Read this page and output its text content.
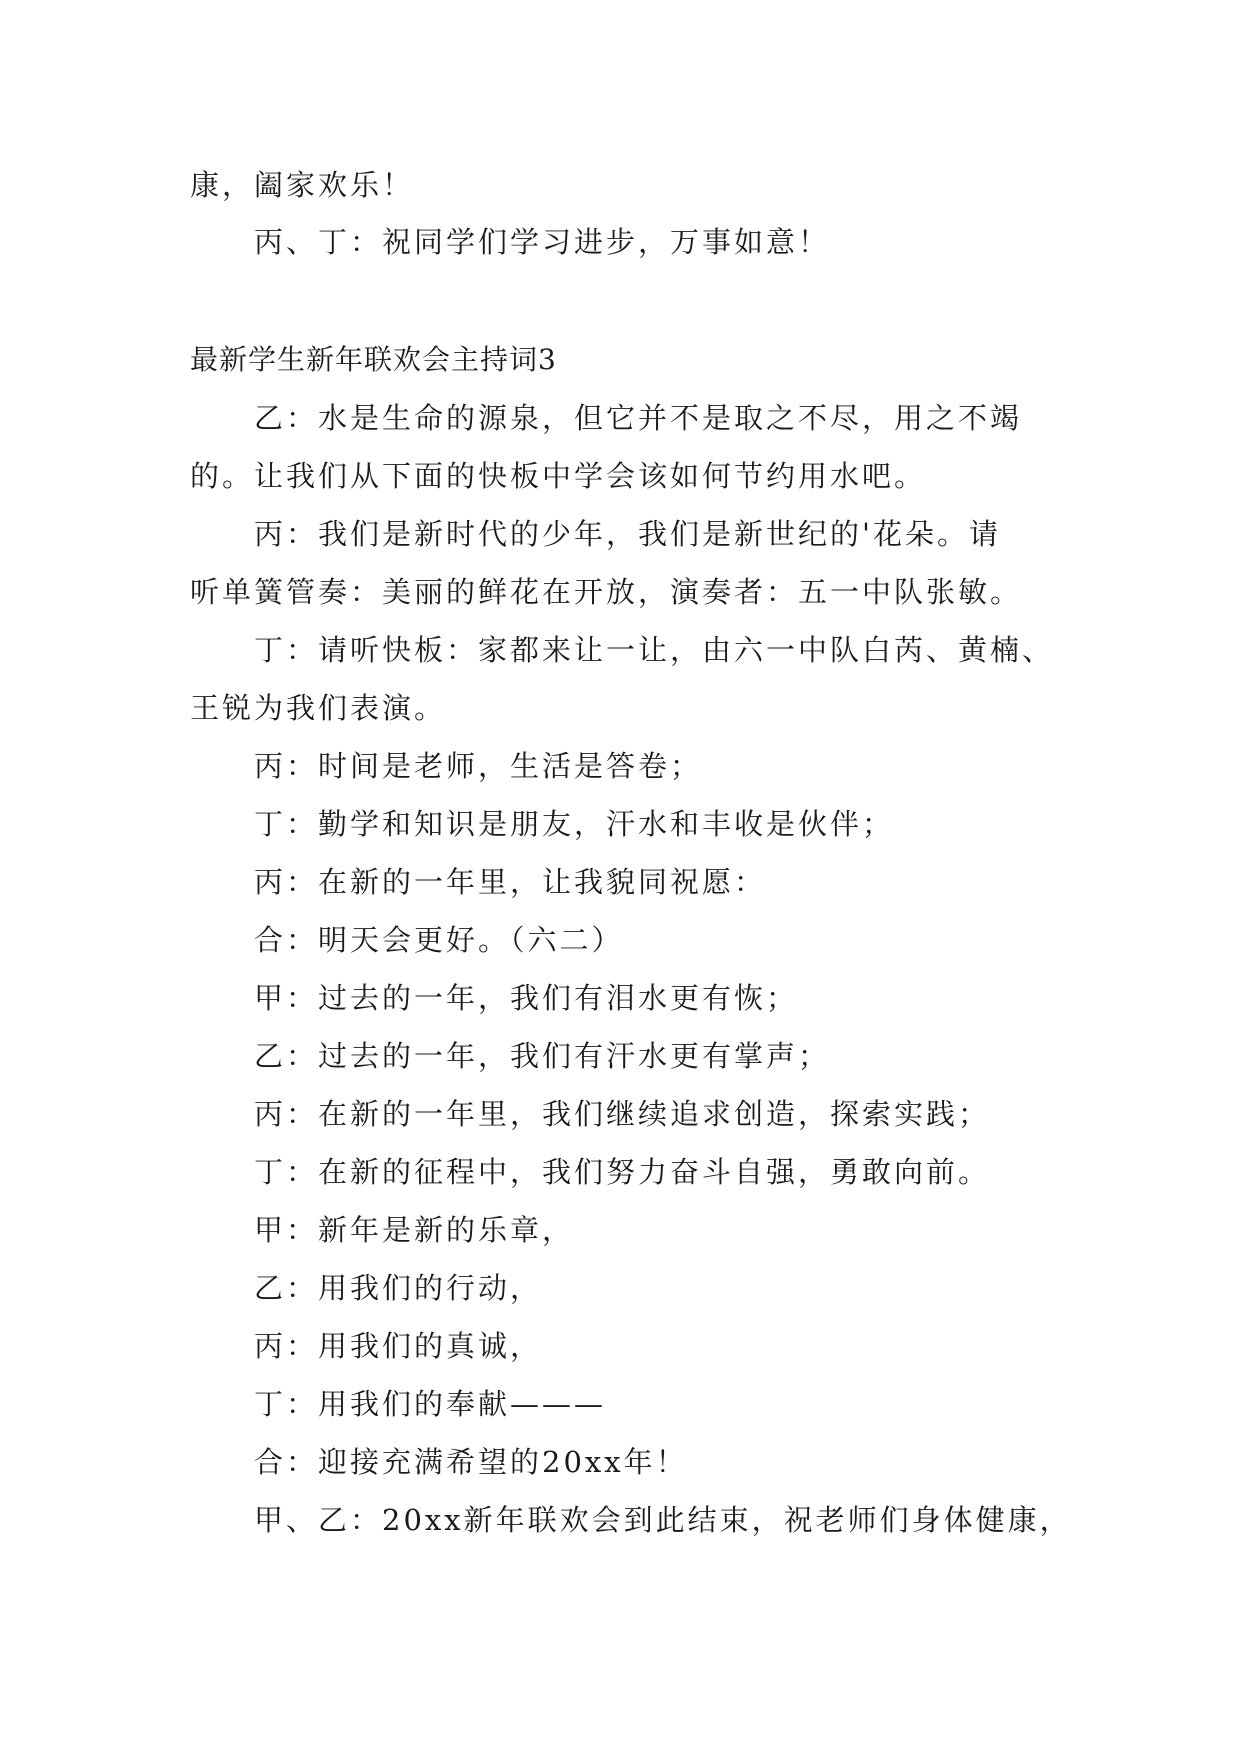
康，阖家欢乐！
丙、丁：祝同学们学习进步，万事如意！
最新学生新年联欢会主持词3
乙：水是生命的源泉，但它并不是取之不尽，用之不竭
的。让我们从下面的快板中学会该如何节约用水吧。
丙：我们是新时代的少年，我们是新世纪的'花朵。请
听单簧管奏：美丽的鲜花在开放，演奏者：五一中队张敏。
丁：请听快板：家都来让一让，由六一中队白芮、黄楠、
王锐为我们表演。
丙：时间是老师，生活是答卷；
丁：勤学和知识是朋友，汗水和丰收是伙伴；
丙：在新的一年里，让我貌同祝愿：
合：明天会更好。（六二）
甲：过去的一年，我们有泪水更有恢；
乙：过去的一年，我们有汗水更有掌声；
丙：在新的一年里，我们继续追求创造，探索实践；
丁：在新的征程中，我们努力奋斗自强，勇敢向前。
甲：新年是新的乐章，
乙：用我们的行动，
丙：用我们的真诚，
丁：用我们的奉献———
合：迎接充满希望的20xx年！
甲、乙：20xx新年联欢会到此结束，祝老师们身体健康，
